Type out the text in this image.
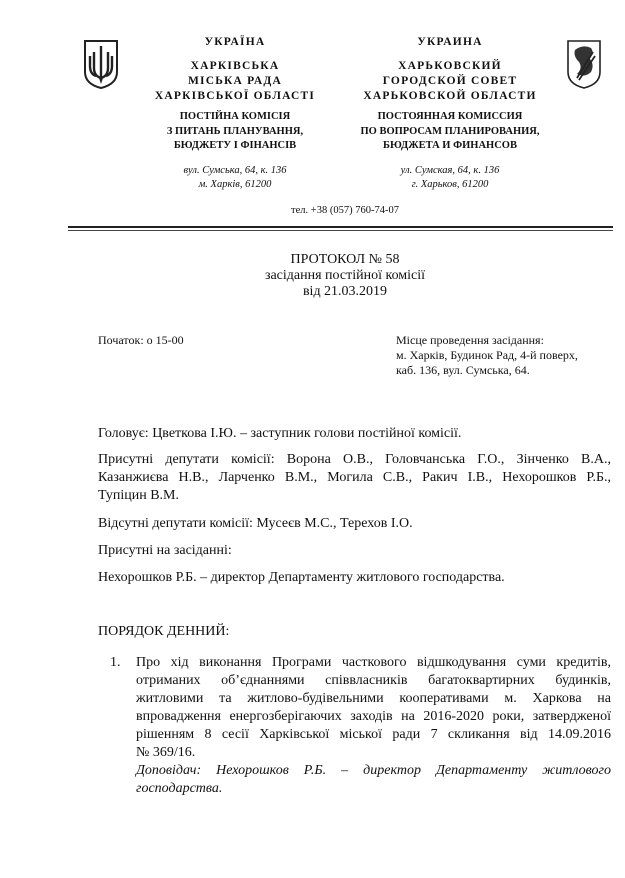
УКРАЇНА
ХАРКІВСЬКА
МІСЬКА РАДА
ХАРКІВСЬКОЇ ОБЛАСТІ
ПОСТІЙНА КОМІСІЯ
З ПИТАНЬ ПЛАНУВАННЯ,
БЮДЖЕТУ І ФІНАНСІВ
вул. Сумська, 64, к. 136
м. Харків, 61200
УКРАИНА
ХАРЬКОВСКИЙ
ГОРОДСКОЙ СОВЕТ
ХАРЬКОВСКОЙ ОБЛАСТИ
ПОСТОЯННАЯ КОМИССИЯ
ПО ВОПРОСАМ ПЛАНИРОВАНИЯ,
БЮДЖЕТА И ФИНАНСОВ
ул. Сумская, 64, к. 136
г. Харьков, 61200
тел. +38 (057) 760-74-07
ПРОТОКОЛ № 58
засідання постійної комісії
від 21.03.2019
Початок: о 15-00	Місце проведення засідання:
м. Харків, Будинок Рад, 4-й поверх,
каб. 136, вул. Сумська, 64.
Головує: Цветкова І.Ю. – заступник голови постійної комісії.
Присутні депутати комісії: Ворона О.В., Головчанська Г.О., Зінченко В.А.,
Казанжиєва Н.В., Ларченко В.М., Могила С.В., Ракич І.В., Нехорошков Р.Б.,
Тупіцин В.М.
Відсутні депутати комісії: Мусеєв М.С., Терехов І.О.
Присутні на засіданні:
Нехорошков Р.Б. – директор Департаменту житлового господарства.
ПОРЯДОК ДЕННИЙ:
1. Про хід виконання Програми часткового відшкодування суми кредитів,
отриманих об’єднаннями співвласників багатоквартирних будинків,
житловими та житлово-будівельними кооперативами м. Харкова на
впровадження енергозберігаючих заходів на 2016-2020 роки, затвердженої
рішенням 8 сесії Харківської міської ради 7 скликання від 14.09.2016
№ 369/16.
Доповідач: Нехорошков Р.Б. – директор Департаменту житлового
господарства.
